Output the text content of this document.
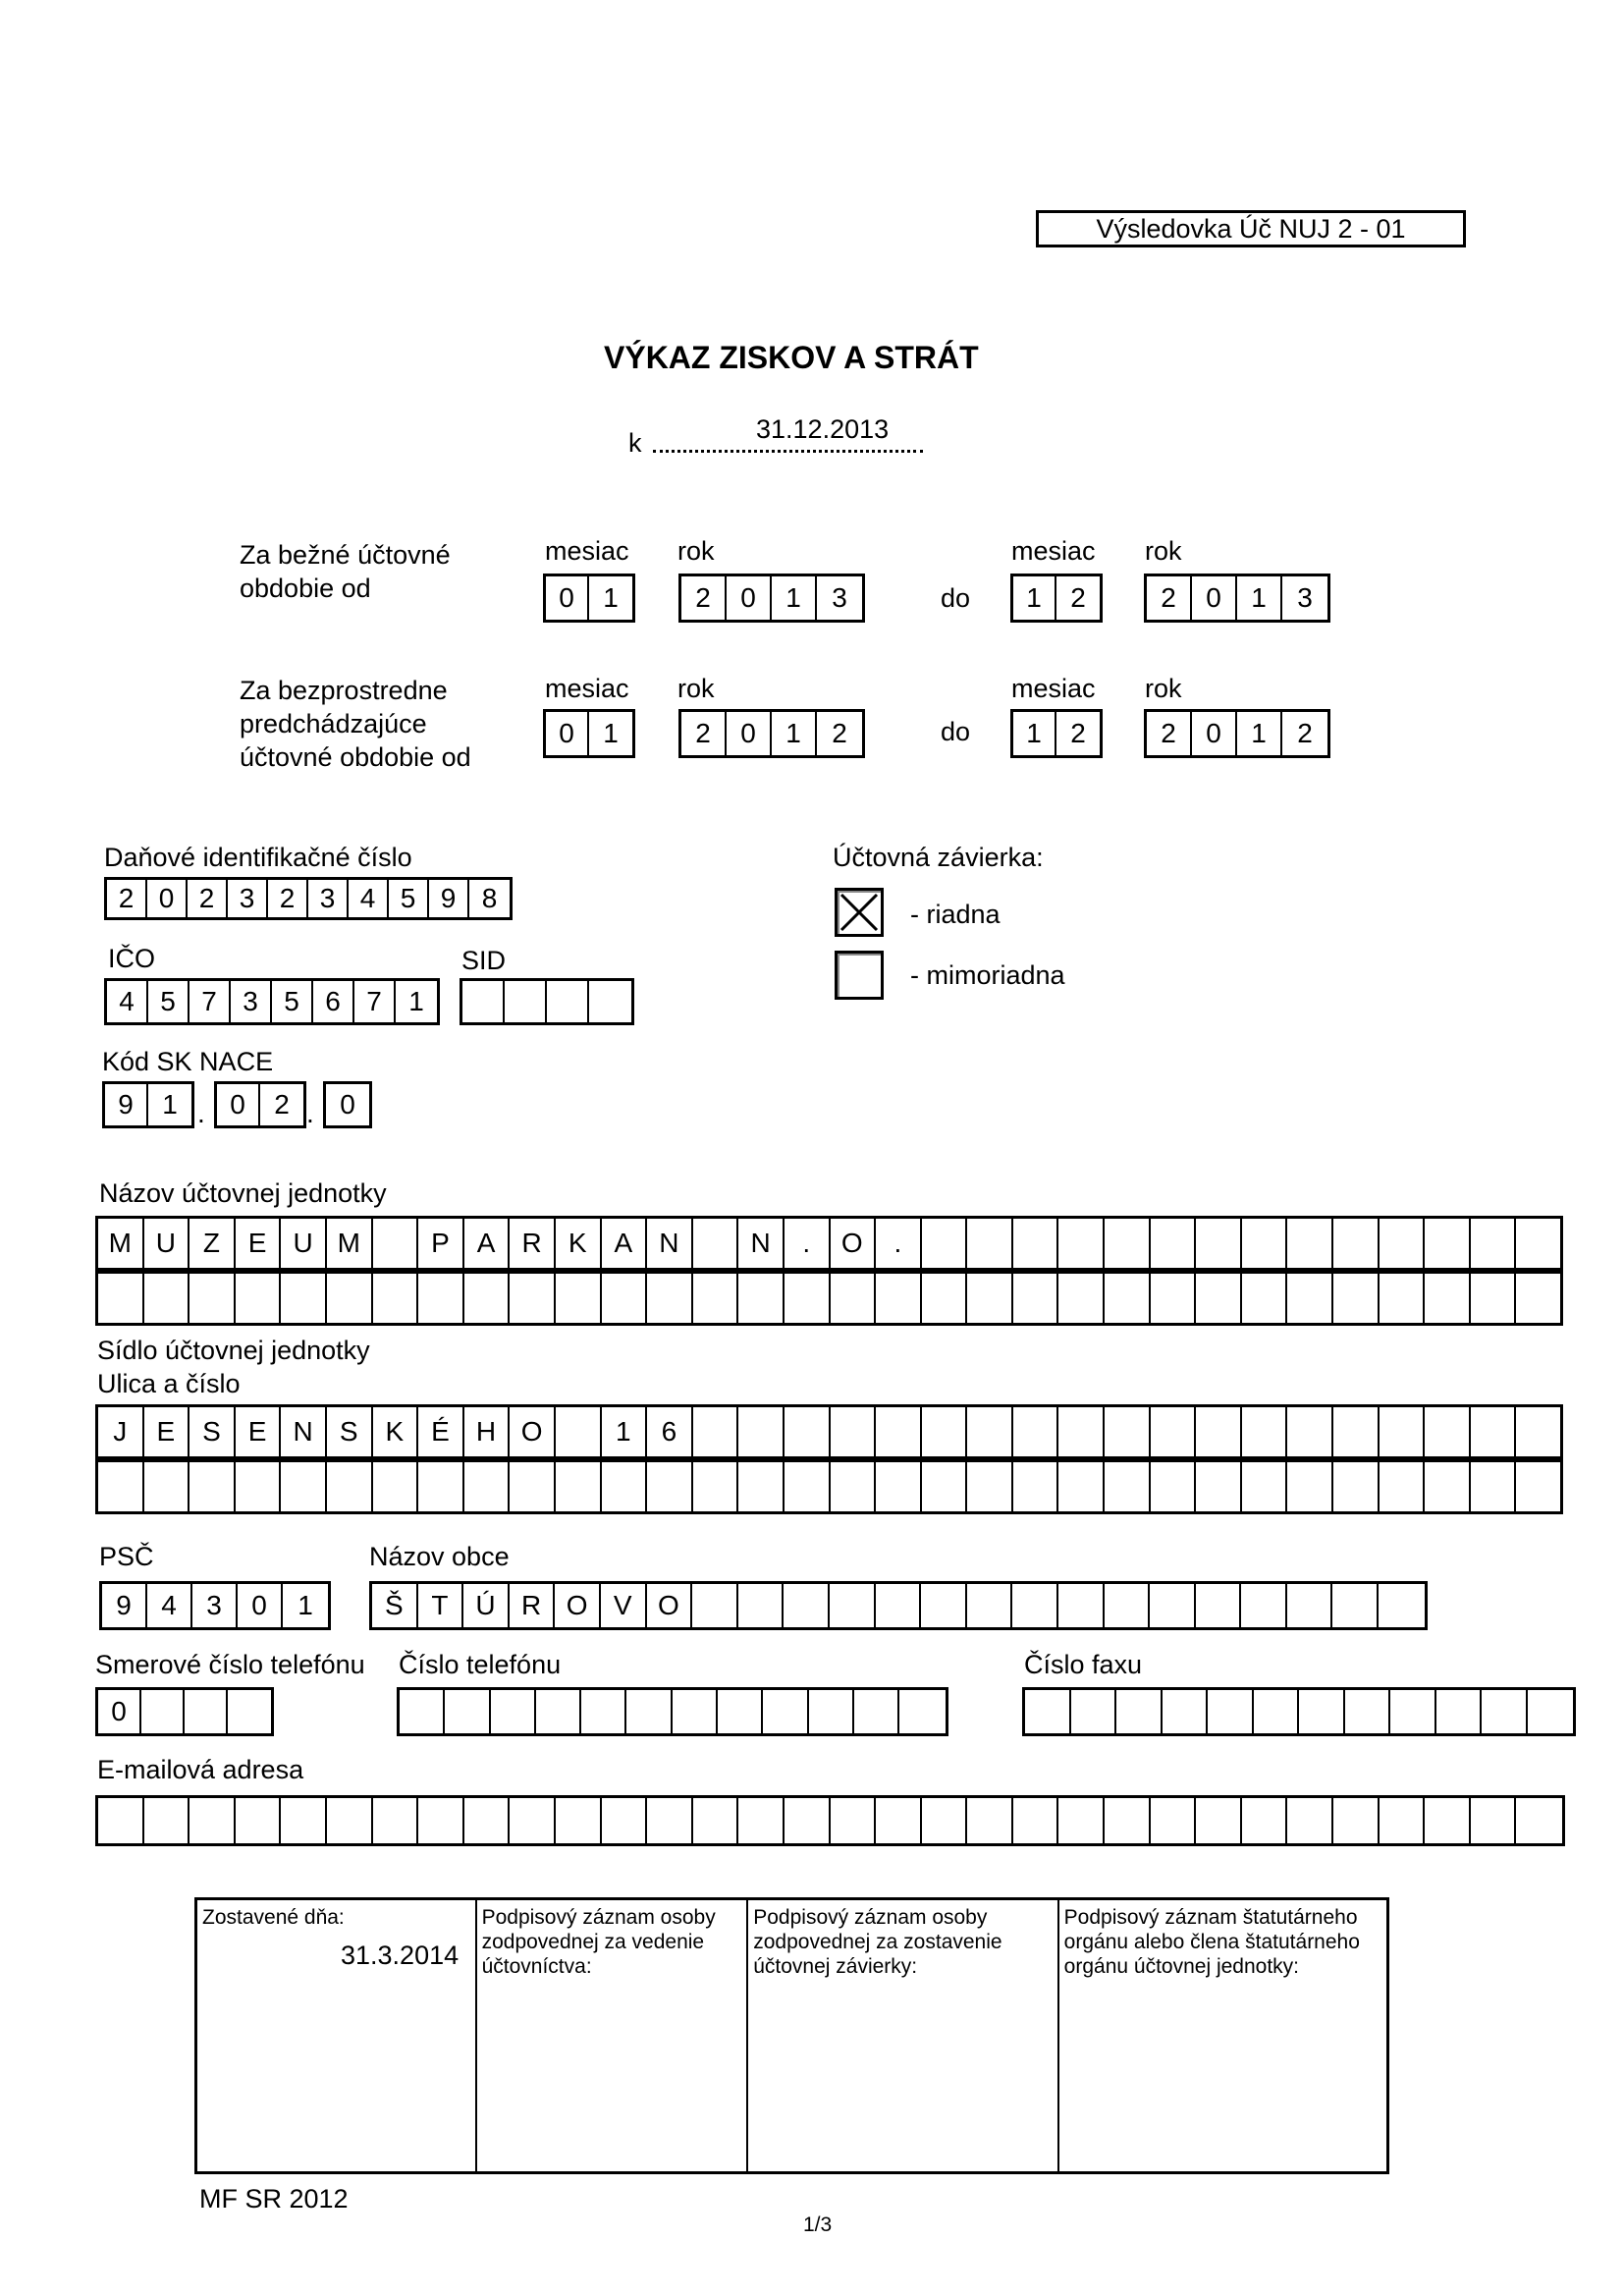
Výsledovka Úč NUJ 2 - 01
VÝKAZ ZISKOV A STRÁT
k	31.12.2013
Za bežné účtovné
obdobie od
mesiac rok	mesiac rok
do
0	1	2	0	1	3	1	2	2	0	1	3
Za bezprostredne
predchádzajúce
účtovné obdobie od
mesiac rok	mesiac rok
do
0	1	2	0	1	2	1	2	2	0	1	2
Daňové identifikačné číslo
2 0 2 3 2 3 4 5 9 8
IČO
4 5 7 3 5 6 7 1
SID
Kód SK NACE
9	1 . 0	2 . 0
Účtovná závierka:
- riadna
- mimoriadna
Názov účtovnej jednotky
M U Z	E U M	P A R K A N	N	.	O	.
Sídlo účtovnej jednotky
Ulica a číslo
J	E S E N S K É H O	1	6
PSČ
9	4	3	0	1
Názov obce
Š	T Ú R O V O
Smerové číslo telefónu
0
Číslo telefónu	Číslo faxu
E-mailová adresa
Zostavené dňa:
31.3.2014
Podpisový záznam osoby zodpovednej za vedenie účtovníctva:
Podpisový záznam osoby zodpovednej za zostavenie účtovnej závierky:
Podpisový záznam štatutárneho orgánu alebo člena štatutárneho orgánu účtovnej jednotky:
MF SR 2012
1/3
